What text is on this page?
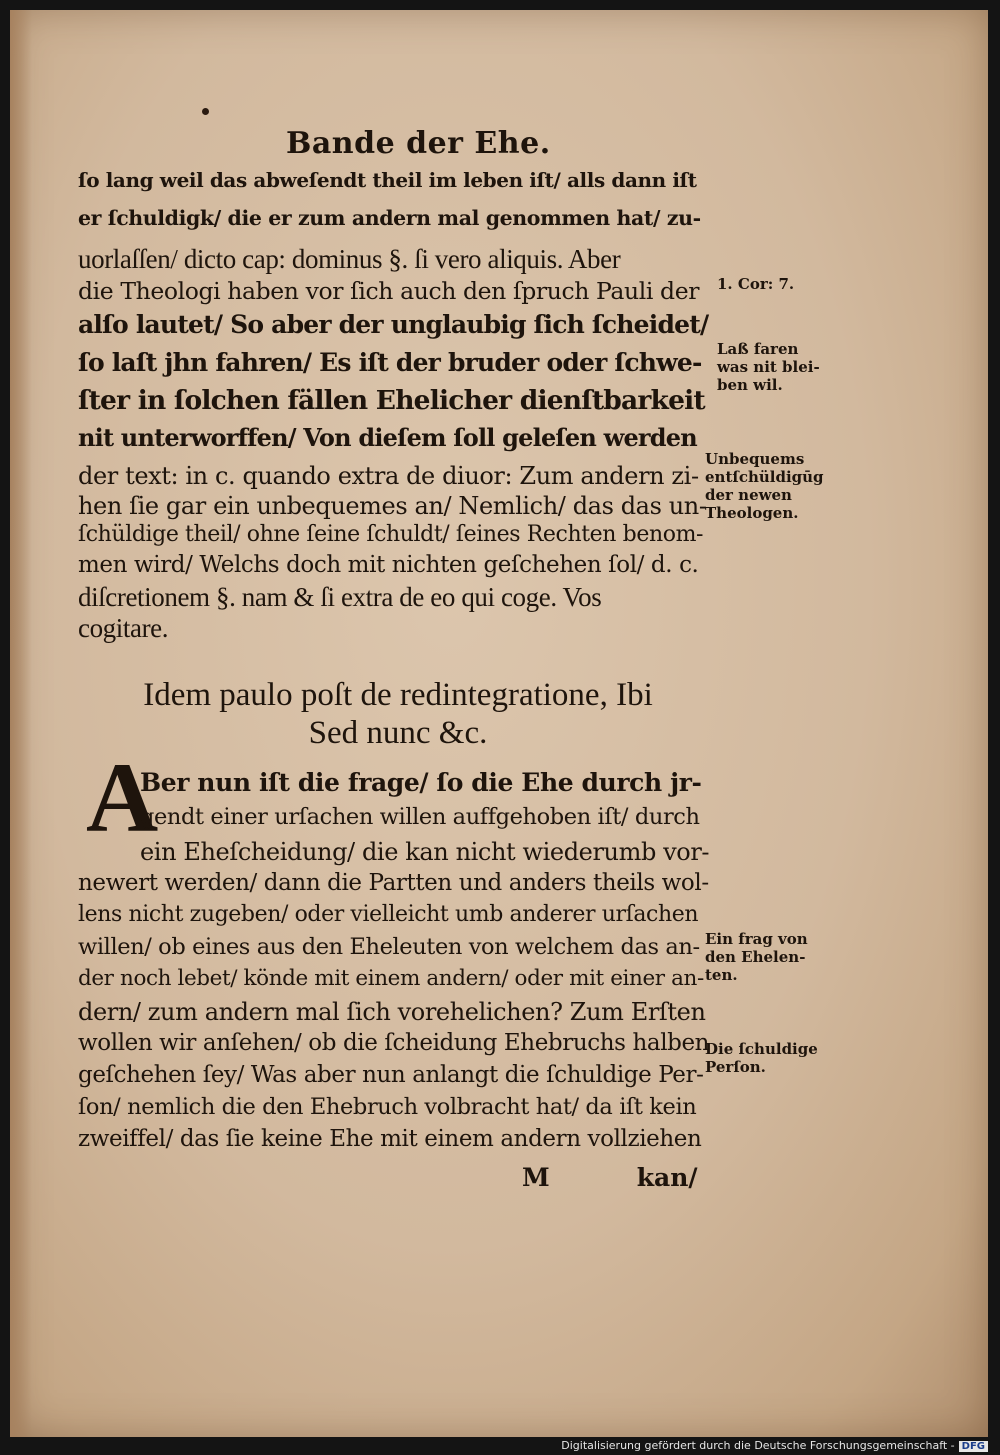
Bande der Ehe.

ſo lang weil das abweſendt theil im leben iſt/ alls dann iſt

er ſchuldigk/ die er zum andern mal genommen hat/ zu-

uorlaſſen/ dicto cap: dominus §. ſi vero aliquis. Aber

die Theologi haben vor ſich auch den ſpruch Pauli der

alſo lautet/ So aber der unglaubig ſich ſcheidet/

ſo laſt jhn fahren/ Es iſt der bruder oder ſchwe-

ſter in ſolchen fällen Ehelicher dienſtbarkeit

nit unterworffen/ Von dieſem ſoll geleſen werden

der text: in c. quando extra de diuor: Zum andern zi-

hen ſie gar ein unbequemes an/ Nemlich/ das das un-

ſchüldige theil/ ohne ſeine ſchuldt/ ſeines Rechten benom-

men wird/ Welchs doch mit nichten geſchehen ſol/ d. c.

diſcretionem §. nam & ſi extra de eo qui coge. Vos

cogitare.

Idem paulo poſt de redintegratione, Ibi

Sed nunc &c.

A

Ber nun iſt die frage/ ſo die Ehe durch jr-

gendt einer urſachen willen auffgehoben iſt/ durch

ein Eheſcheidung/ die kan nicht wiederumb vor-

newert werden/ dann die Partten und anders theils wol-

lens nicht zugeben/ oder vielleicht umb anderer urſachen

willen/ ob eines aus den Eheleuten von welchem das an-

der noch lebet/ könde mit einem andern/ oder mit einer an-

dern/ zum andern mal ſich vorehelichen? Zum Erſten

wollen wir anſehen/ ob die ſcheidung Ehebruchs halben

geſchehen ſey/ Was aber nun anlangt die ſchuldige Per-

ſon/ nemlich die den Ehebruch volbracht hat/ da iſt kein

zweiffel/ das ſie keine Ehe mit einem andern vollziehen

M          kan/

1. Cor: 7.
Laß faren
was nit blei-
ben wil.
Unbequems
entſchüldigūg
der newen
Theologen.
Ein frag von
den Ehelen-
ten.
Die ſchuldige
Perſon.

Digitalisierung gefördert durch die Deutsche Forschungsgemeinschaft - DFG
